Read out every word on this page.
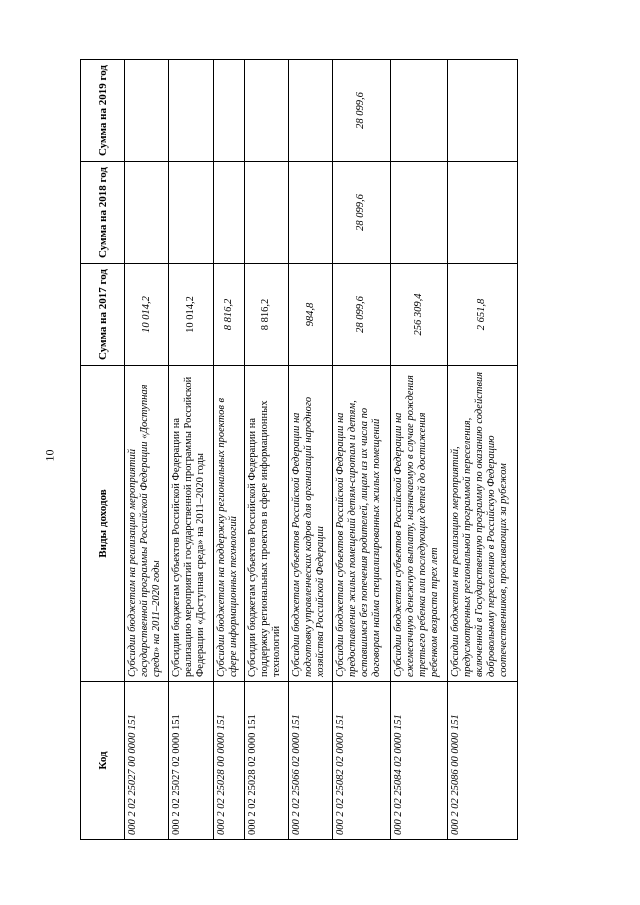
10
Код	Виды доходов	Сумма на 2017 год	Сумма на 2018 год	Сумма на 2019 год
000 2 02 25027 00 0000 151	Субсидии бюджетам на реализацию мероприятий государственной программы Российской Федерации «Доступная среда» на 2011–2020 годы	10 014,2		
000 2 02 25027 02 0000 151	Субсидии бюджетам субъектов Российской Федерации на реализацию мероприятий государственной программы Российской Федерации «Доступная среда» на 2011–2020 годы	10 014,2		
000 2 02 25028 00 0000 151	Субсидии бюджетам на поддержку региональных проектов в сфере информационных технологий	8 816,2		
000 2 02 25028 02 0000 151	Субсидии бюджетам субъектов Российской Федерации на поддержку региональных проектов в сфере информационных технологий	8 816,2		
000 2 02 25066 02 0000 151	Субсидии бюджетам субъектов Российской Федерации на подготовку управленческих кадров для организаций народного хозяйства Российской Федерации	984,8		
000 2 02 25082 02 0000 151	Субсидии бюджетам субъектов Российской Федерации на предоставление жилых помещений детям-сиротам и детям, оставшимся без попечения родителей, лицам из их числа по договорам найма специализированных жилых помещений	28 099,6	28 099,6	28 099,6
000 2 02 25084 02 0000 151	Субсидии бюджетам субъектов Российской Федерации на ежемесячную денежную выплату, назначаемую в случае рождения третьего ребенка или последующих детей до достижения ребенком возраста трех лет	256 309,4		
000 2 02 25086 00 0000 151	Субсидии бюджетам на реализацию мероприятий, предусмотренных региональной программой переселения, включенной в Государственную программу по оказанию содействия добровольному переселению в Российскую Федерацию соотечественников, проживающих за рубежом	2 651,8		
